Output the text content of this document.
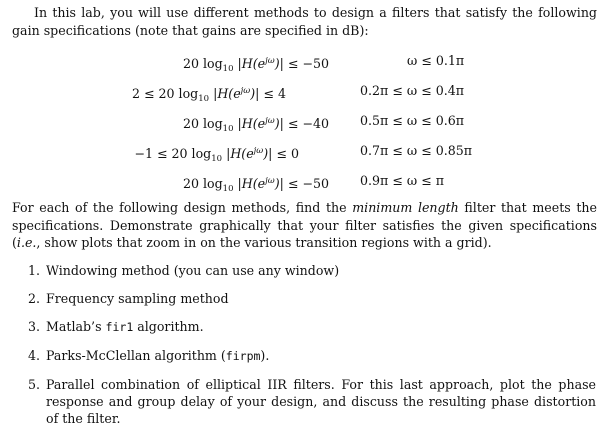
In this lab, you will use different methods to design a filters that satisfy the following gain specifications (note that gains are specified in dB):

20 $\log_{10} |H(e^{j\omega})| \le -50$	ω ≤ 0.1π
2 ≤ 20 $\log_{10} |H(e^{j\omega})| \le 4$	0.2π ≤ ω ≤ 0.4π
20 $\log_{10} |H(e^{j\omega})| \le -40$ 0.5π ≤ ω ≤ 0.6π
−1 ≤ 20 $\log_{10} |H(e^{j\omega})| \le 0$	0.7π ≤ ω ≤ 0.85π
20 $\log_{10} |H(e^{j\omega})| \le -50$ 0.9π ≤ ω ≤ π

For each of the following design methods, find the minimum length filter that meets the specifications. Demonstrate graphically that your filter satisfies the given specifications (i.e., show plots that zoom in on the various transition regions with a grid).

1. Windowing method (you can use any window)
2. Frequency sampling method
3. Matlab’s fir1 algorithm.
4. Parks-McClellan algorithm (firpm).
5. Parallel combination of elliptical IIR filters. For this last approach, plot the phase response and group delay of your design, and discuss the resulting phase distortion of the filter.
